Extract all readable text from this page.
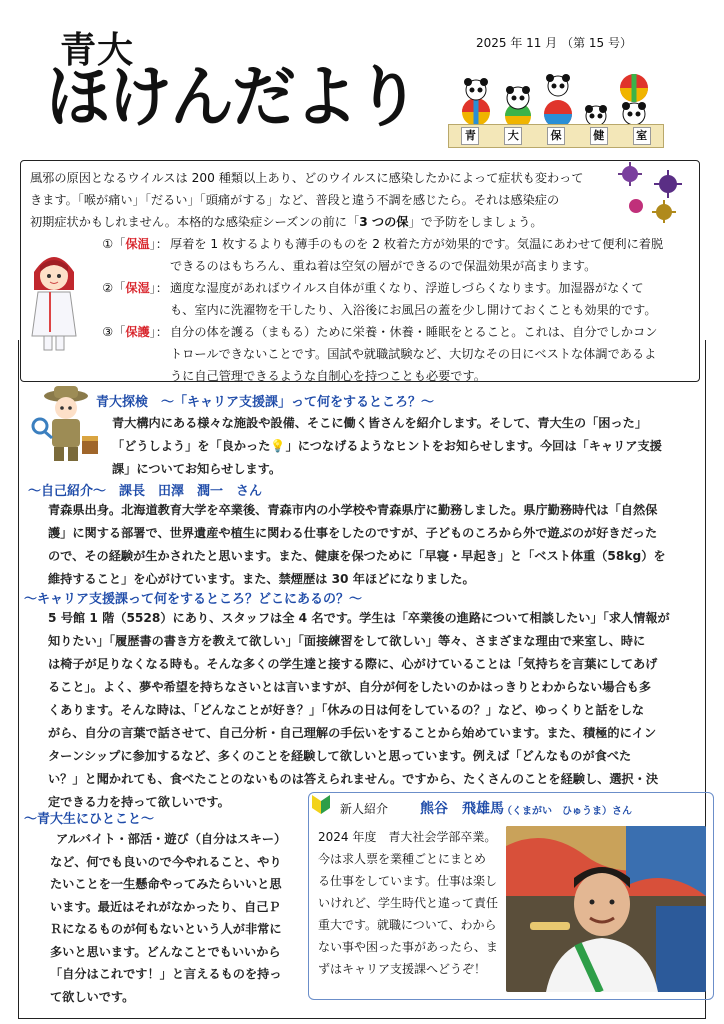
青大
ほけんだより
2025 年 11 月 （第 15 号）
青	大	保	健	室
風邪の原因となるウイルスは 200 種類以上あり、どのウイルスに感染したかによって症状も変わって
きます。「喉が痛い」「だるい」「頭痛がする」など、普段と違う不調を感じたら。それは感染症の
初期症状かもしれません。本格的な感染症シーズンの前に「3 つの保」で予防をしましょう。
①「保温」： 厚着を 1 枚するよりも薄手のものを 2 枚着た方が効果的です。気温にあわせて便利に着脱
できるのはもちろん、重ね着は空気の層ができるので保温効果が高まります。
②「保湿」： 適度な湿度があればウイルス自体が重くなり、浮遊しづらくなります。加湿器がなくて
も、室内に洗濯物を干したり、入浴後にお風呂の蓋を少し開けておくことも効果的です。
③「保護」： 自分の体を護る（まもる）ために栄養・休養・睡眠をとること。これは、自分でしかコン
トロールできないことです。国試や就職試験など、大切なその日にベストな体調であるよ
うに自己管理できるような自制心を持つことも必要です。
青大探検　～「キャリア支援課」って何をするところ？～
青大構内にある様々な施設や設備、そこに働く皆さんを紹介します。そして、青大生の「困った」
「どうしよう」を「良かった💡」につなげるようなヒントをお知らせします。今回は「キャリア支援
課」についてお知らせします。
～自己紹介～　課長　田澤　潤一　さん
青森県出身。北海道教育大学を卒業後、青森市内の小学校や青森県庁に勤務しました。県庁勤務時代は「自然保
護」に関する部署で、世界遺産や植生に関わる仕事をしたのですが、子どものころから外で遊ぶのが好きだった
ので、その経験が生かされたと思います。また、健康を保つために「早寝・早起き」と「ベスト体重（58kg）を
維持すること」を心がけています。また、禁煙歴は 30 年ほどになりました。
～キャリア支援課って何をするところ？どこにあるの？～
5 号館 1 階（5528）にあり、スタッフは全 4 名です。学生は「卒業後の進路について相談したい」「求人情報が
知りたい」「履歴書の書き方を教えて欲しい」「面接練習をして欲しい」等々、さまざまな理由で来室し、時に
は椅子が足りなくなる時も。そんな多くの学生達と接する際に、心がけていることは「気持ちを言葉にしてあげ
ること」。よく、夢や希望を持ちなさいとは言いますが、自分が何をしたいのかはっきりとわからない場合も多
くあります。そんな時は、「どんなことが好き？」「休みの日は何をしているの？」など、ゆっくりと話をしな
がら、自分の言葉で話させて、自己分析・自己理解の手伝いをすることから始めています。また、積極的にイン
ターンシップに参加するなど、多くのことを経験して欲しいと思っています。例えば「どんなものが食べた
い？」と聞かれても、食べたことのないものは答えられません。ですから、たくさんのことを経験し、選択・決
定できる力を持って欲しいです。
～青大生にひとこと～
アルバイト・部活・遊び（自分はスキー）
など、何でも良いので今やれること、やり
たいことを一生懸命やってみたらいいと思
います。最近はそれがなかったり、自己Ｐ
Ｒになるものが何もないという人が非常に
多いと思います。どんなことでもいいから
「自分はこれです！」と言えるものを持っ
て欲しいです。
新人紹介 熊谷　飛雄馬
（くまがい　ひゅうま）さん
2024 年度　青大社会学部卒業。
今は求人票を業種ごとにまとめ
る仕事をしています。仕事は楽し
いけれど、学生時代と違って責任
重大です。就職について、わから
ない事や困った事があったら、ま
ずはキャリア支援課へどうぞ！
